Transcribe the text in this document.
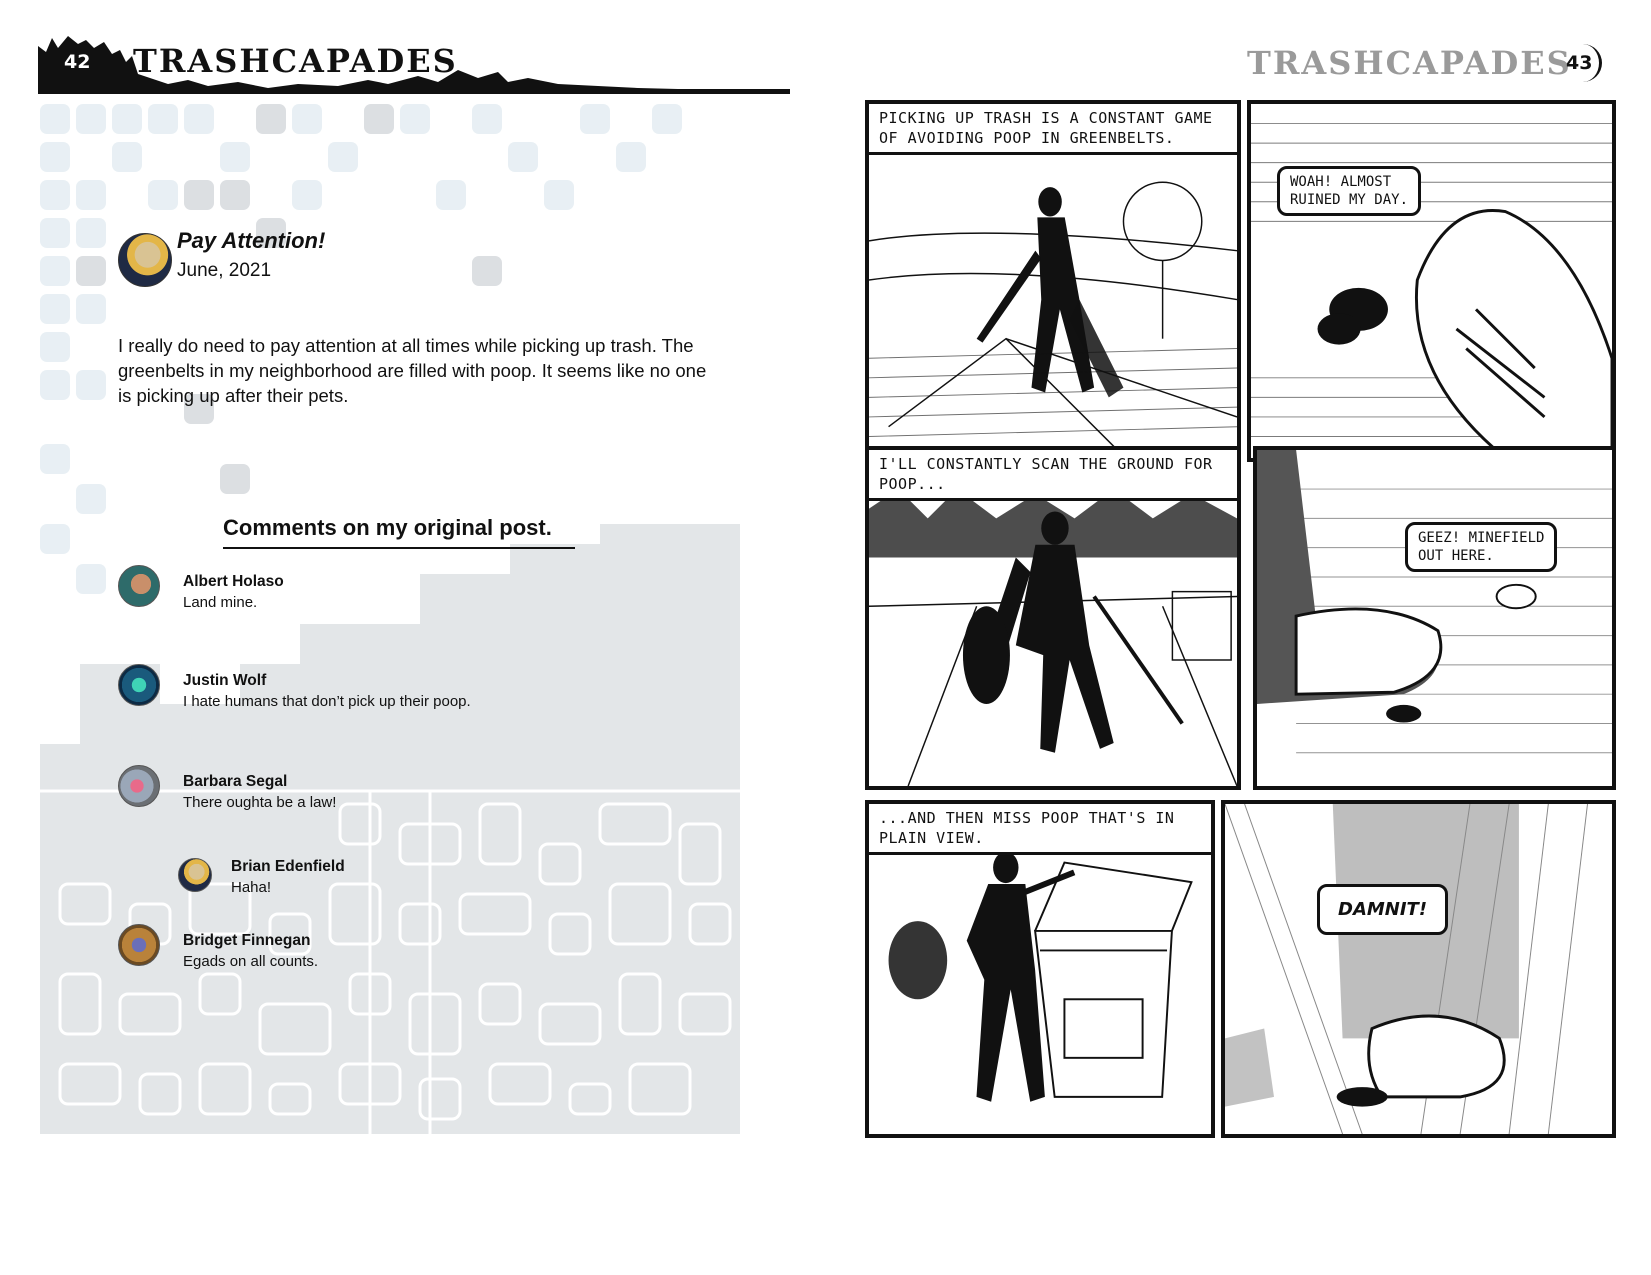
42 TRASHCAPADES
Pay Attention!
June, 2021

I really do need to pay attention at all times while picking up trash. The greenbelts in my neighborhood are filled with poop. It seems like no one is picking up after their pets.

Comments on my original post.
Albert Holaso
Land mine.
Justin Wolf
I hate humans that don’t pick up their poop.
Barbara Segal
There oughta be a law!
Brian Edenfield
Haha!
Bridget Finnegan
Egads on all counts.
TRASHCAPADES
43
PICKING UP TRASH IS A CONSTANT GAME OF AVOIDING POOP IN GREENBELTS.
WOAH! ALMOST
RUINED MY DAY.
I'LL CONSTANTLY SCAN THE GROUND FOR POOP...
GEEZ! MINEFIELD
OUT HERE.
...AND THEN MISS POOP THAT'S IN PLAIN VIEW.
DAMNIT!
